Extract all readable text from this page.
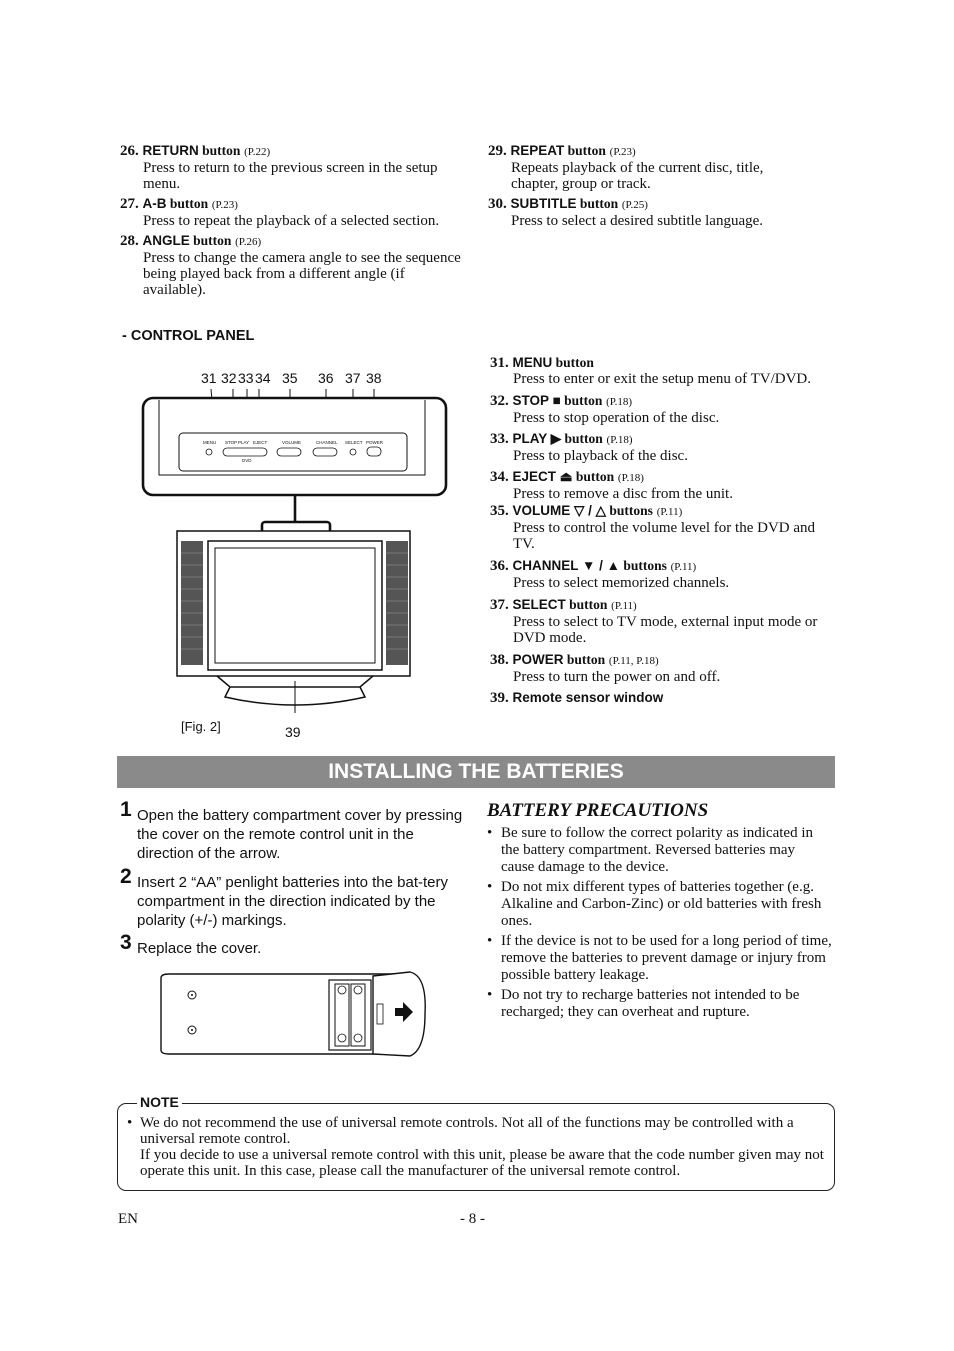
26. RETURN button (P.22)
Press to return to the previous screen in the setup menu.
27. A-B button (P.23)
Press to repeat the playback of a selected section.
28. ANGLE button (P.26)
Press to change the camera angle to see the sequence being played back from a different angle (if available).
29. REPEAT button (P.23)
Repeats playback of the current disc, title, chapter, group or track.
30. SUBTITLE button (P.25)
Press to select a desired subtitle language.
- CONTROL PANEL
31 32 33 34 35 36 37 38
39
[Fig. 2]
MENU STOP PLAY EJECT	VOLUME	CHANNEL SELECT POWER
DVD
31. MENU button
Press to enter or exit the setup menu of TV/DVD.
32. STOP ■ button (P.18)
Press to stop operation of the disc.
33. PLAY ▶ button (P.18)
Press to playback of the disc.
34. EJECT ⏏ button (P.18)
Press to remove a disc from the unit.
35. VOLUME ▽ / △ buttons (P.11)
Press to control the volume level for the DVD and TV.
36. CHANNEL ▼ / ▲ buttons (P.11)
Press to select memorized channels.
37. SELECT button (P.11)
Press to select to TV mode, external input mode or DVD mode.
38. POWER button (P.11, P.18)
Press to turn the power on and off.
39. Remote sensor window
INSTALLING THE BATTERIES
1 Open the battery compartment cover by pressing the cover on the remote control unit in the direction of the arrow.
2 Insert 2 “AA” penlight batteries into the bat-tery compartment in the direction indicated by the polarity (+/-) markings.
3 Replace the cover.
BATTERY PRECAUTIONS
• Be sure to follow the correct polarity as indicated in the battery compartment. Reversed batteries may cause damage to the device.
• Do not mix different types of batteries together (e.g. Alkaline and Carbon-Zinc) or old batteries with fresh ones.
• If the device is not to be used for a long period of time, remove the batteries to prevent damage or injury from possible battery leakage.
• Do not try to recharge batteries not intended to be recharged; they can overheat and rupture.
NOTE
• We do not recommend the use of universal remote controls. Not all of the functions may be controlled with a universal remote control.

If you decide to use a universal remote control with this unit, please be aware that the code number given may not operate this unit. In this case, please call the manufacturer of the universal remote control.

EN	- 8 -
